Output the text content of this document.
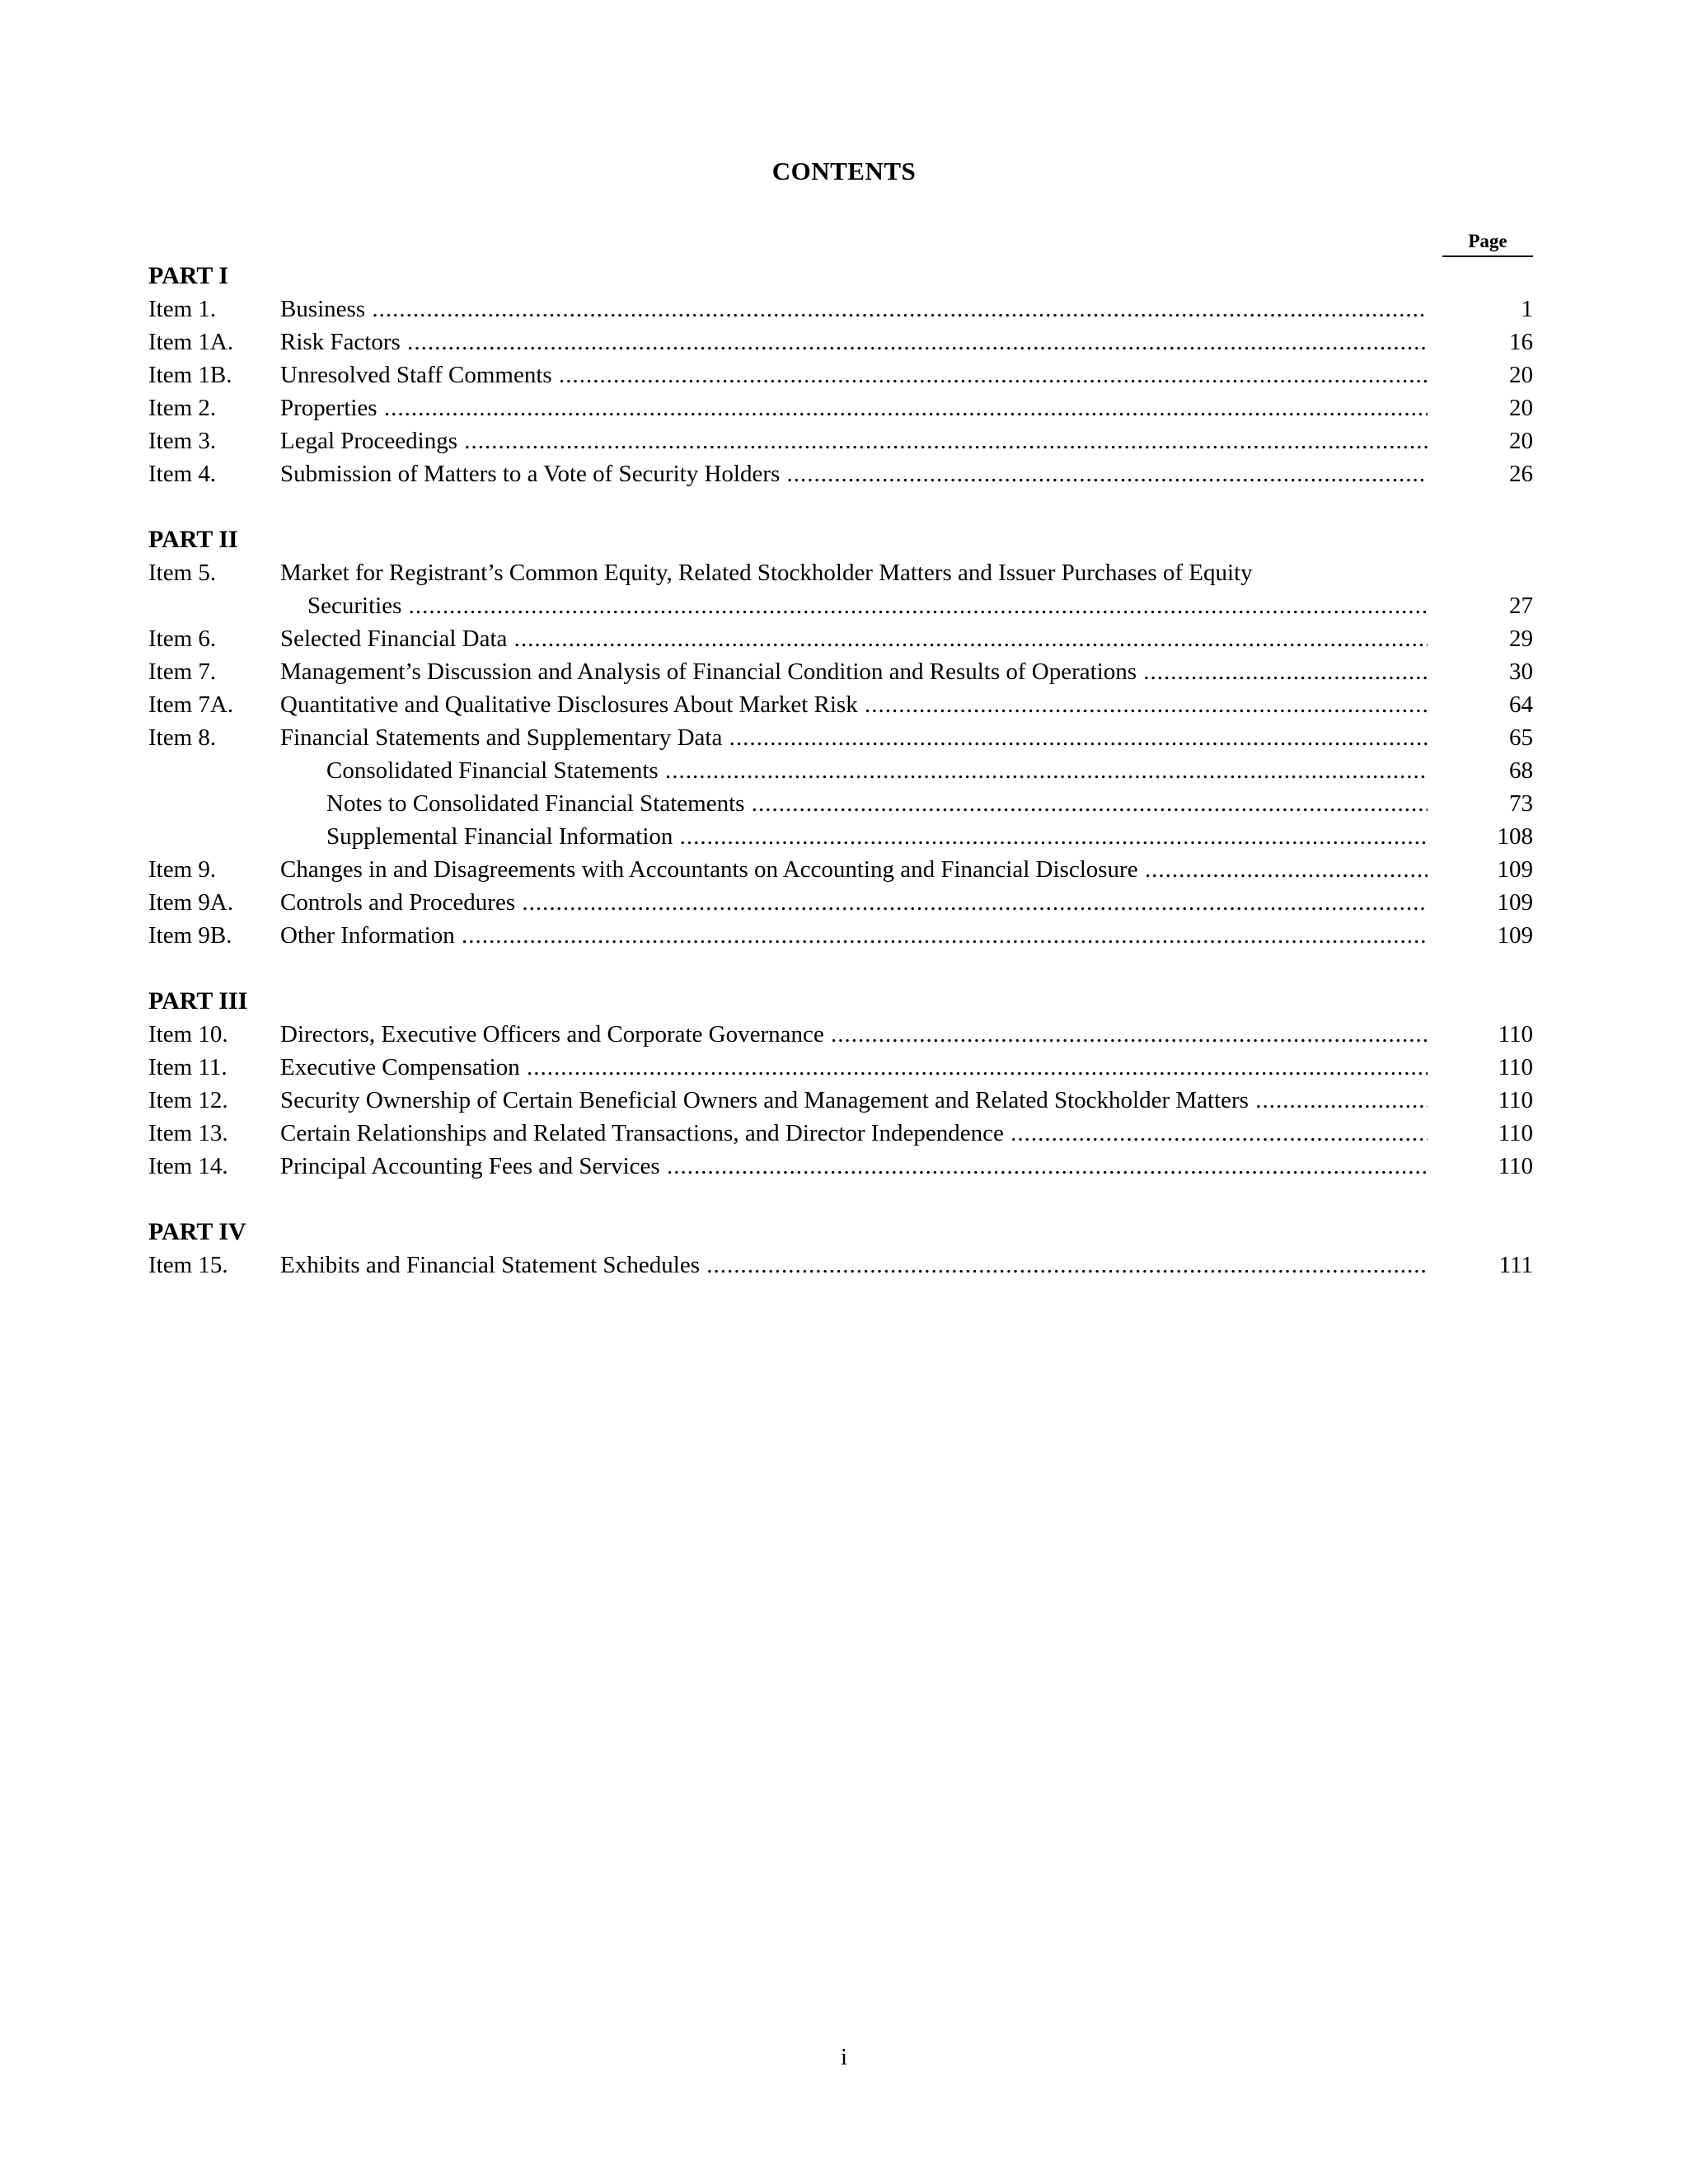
CONTENTS
Page
PART I
Item 1.	Business .....	1
Item 1A. Risk Factors .....	16
Item 1B. Unresolved Staff Comments .....	20
Item 2.	Properties .....	20
Item 3.	Legal Proceedings .....	20
Item 4.	Submission of Matters to a Vote of Security Holders .....	26
PART II
Item 5.	Market for Registrant’s Common Equity, Related Stockholder Matters and Issuer Purchases of Equity
Securities .....	27
Item 6.	Selected Financial Data .....	29
Item 7.	Management’s Discussion and Analysis of Financial Condition and Results of Operations .....	30
Item 7A. Quantitative and Qualitative Disclosures About Market Risk .....	64
Item 8.	Financial Statements and Supplementary Data .....	65
Consolidated Financial Statements .....	68
Notes to Consolidated Financial Statements .....	73
Supplemental Financial Information .....	108
Item 9.	Changes in and Disagreements with Accountants on Accounting and Financial Disclosure .....	109
Item 9A. Controls and Procedures .....	109
Item 9B. Other Information .....	109
PART III
Item 10. Directors, Executive Officers and Corporate Governance .....	110
Item 11. Executive Compensation .....	110
Item 12. Security Ownership of Certain Beneficial Owners and Management and Related Stockholder Matters .....	110
Item 13. Certain Relationships and Related Transactions, and Director Independence .....	110
Item 14. Principal Accounting Fees and Services .....	110
PART IV
Item 15. Exhibits and Financial Statement Schedules .....	111
i
